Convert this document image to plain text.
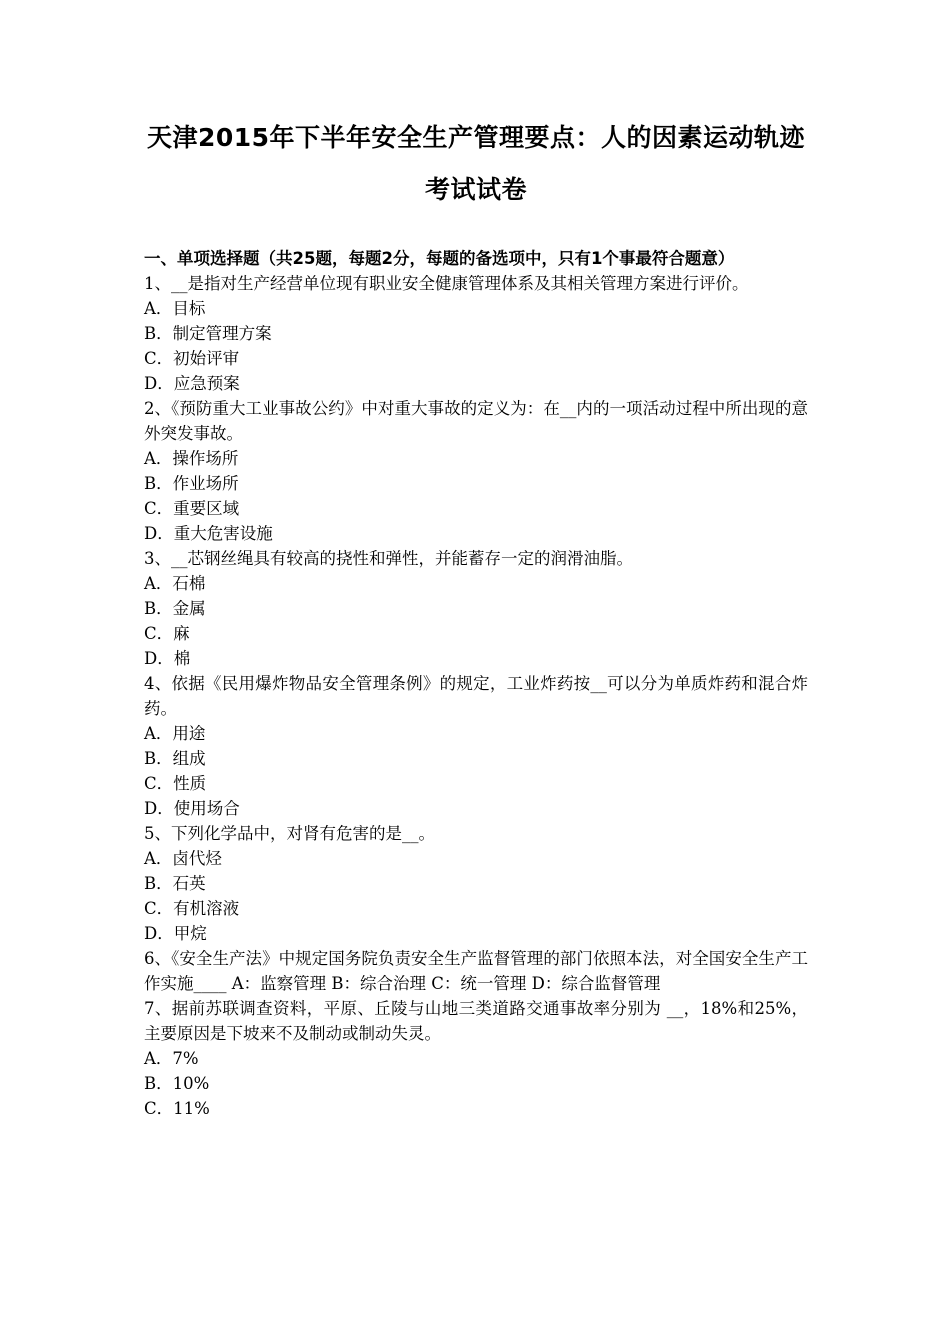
天津2015年下半年安全生产管理要点：人的因素运动轨迹
考试试卷
一、单项选择题（共25题，每题2分，每题的备选项中，只有1个事最符合题意）
1、__是指对生产经营单位现有职业安全健康管理体系及其相关管理方案进行评价。
A．目标
B．制定管理方案
C．初始评审
D．应急预案
2、《预防重大工业事故公约》中对重大事故的定义为：在__内的一项活动过程中所出现的意外突发事故。
A．操作场所
B．作业场所
C．重要区域
D．重大危害设施
3、__芯钢丝绳具有较高的挠性和弹性，并能蓄存一定的润滑油脂。
A．石棉
B．金属
C．麻
D．棉
4、依据《民用爆炸物品安全管理条例》的规定，工业炸药按__可以分为单质炸药和混合炸药。
A．用途
B．组成
C．性质
D．使用场合
5、下列化学品中，对肾有危害的是__。
A．卤代烃
B．石英
C．有机溶液
D．甲烷
6、《安全生产法》中规定国务院负责安全生产监督管理的部门依照本法，对全国安全生产工作实施____ A：监察管理 B：综合治理 C：统一管理 D：综合监督管理
7、据前苏联调查资料，平原、丘陵与山地三类道路交通事故率分别为 __，18%和25%，主要原因是下坡来不及制动或制动失灵。
A．7%
B．10%
C．11%
